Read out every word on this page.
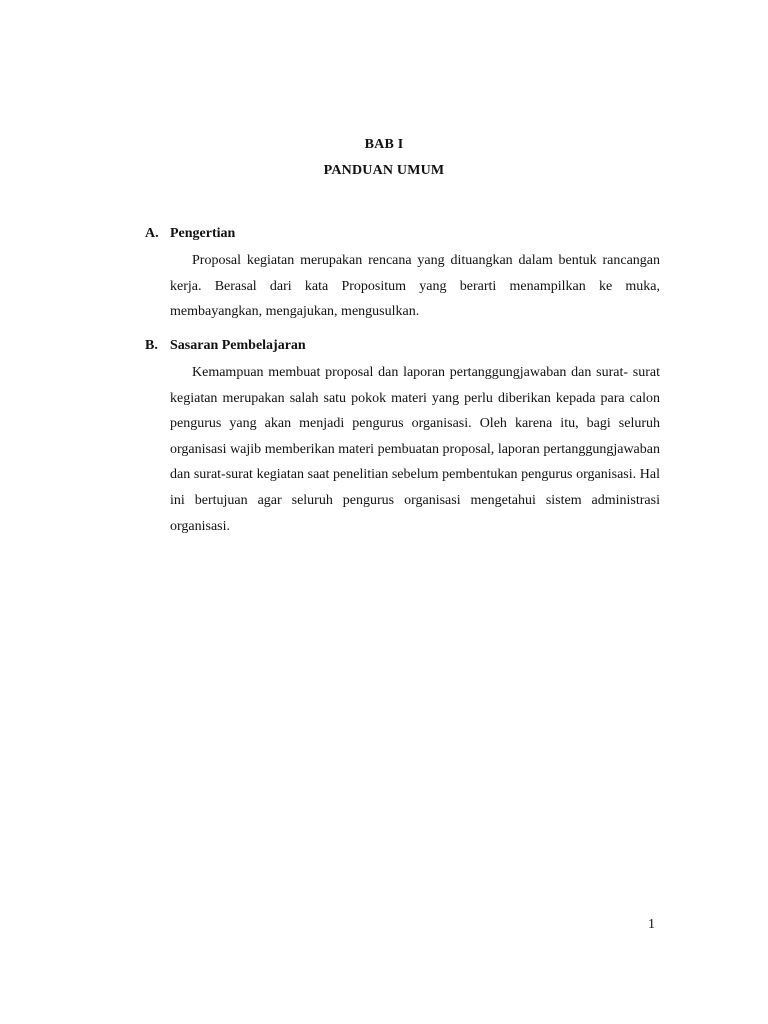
BAB I
PANDUAN UMUM
A. Pengertian

Proposal kegiatan merupakan rencana yang dituangkan dalam bentuk rancangan kerja. Berasal dari kata Propositum yang berarti menampilkan ke muka, membayangkan, mengajukan, mengusulkan.

B. Sasaran Pembelajaran

Kemampuan membuat proposal dan laporan pertanggungjawaban dan surat- surat kegiatan merupakan salah satu pokok materi yang perlu diberikan kepada para calon pengurus yang akan menjadi pengurus organisasi. Oleh karena itu, bagi seluruh organisasi wajib memberikan materi pembuatan proposal, laporan pertanggungjawaban dan surat-surat kegiatan saat penelitian sebelum pembentukan pengurus organisasi. Hal ini bertujuan agar seluruh pengurus organisasi mengetahui sistem administrasi organisasi.

1
